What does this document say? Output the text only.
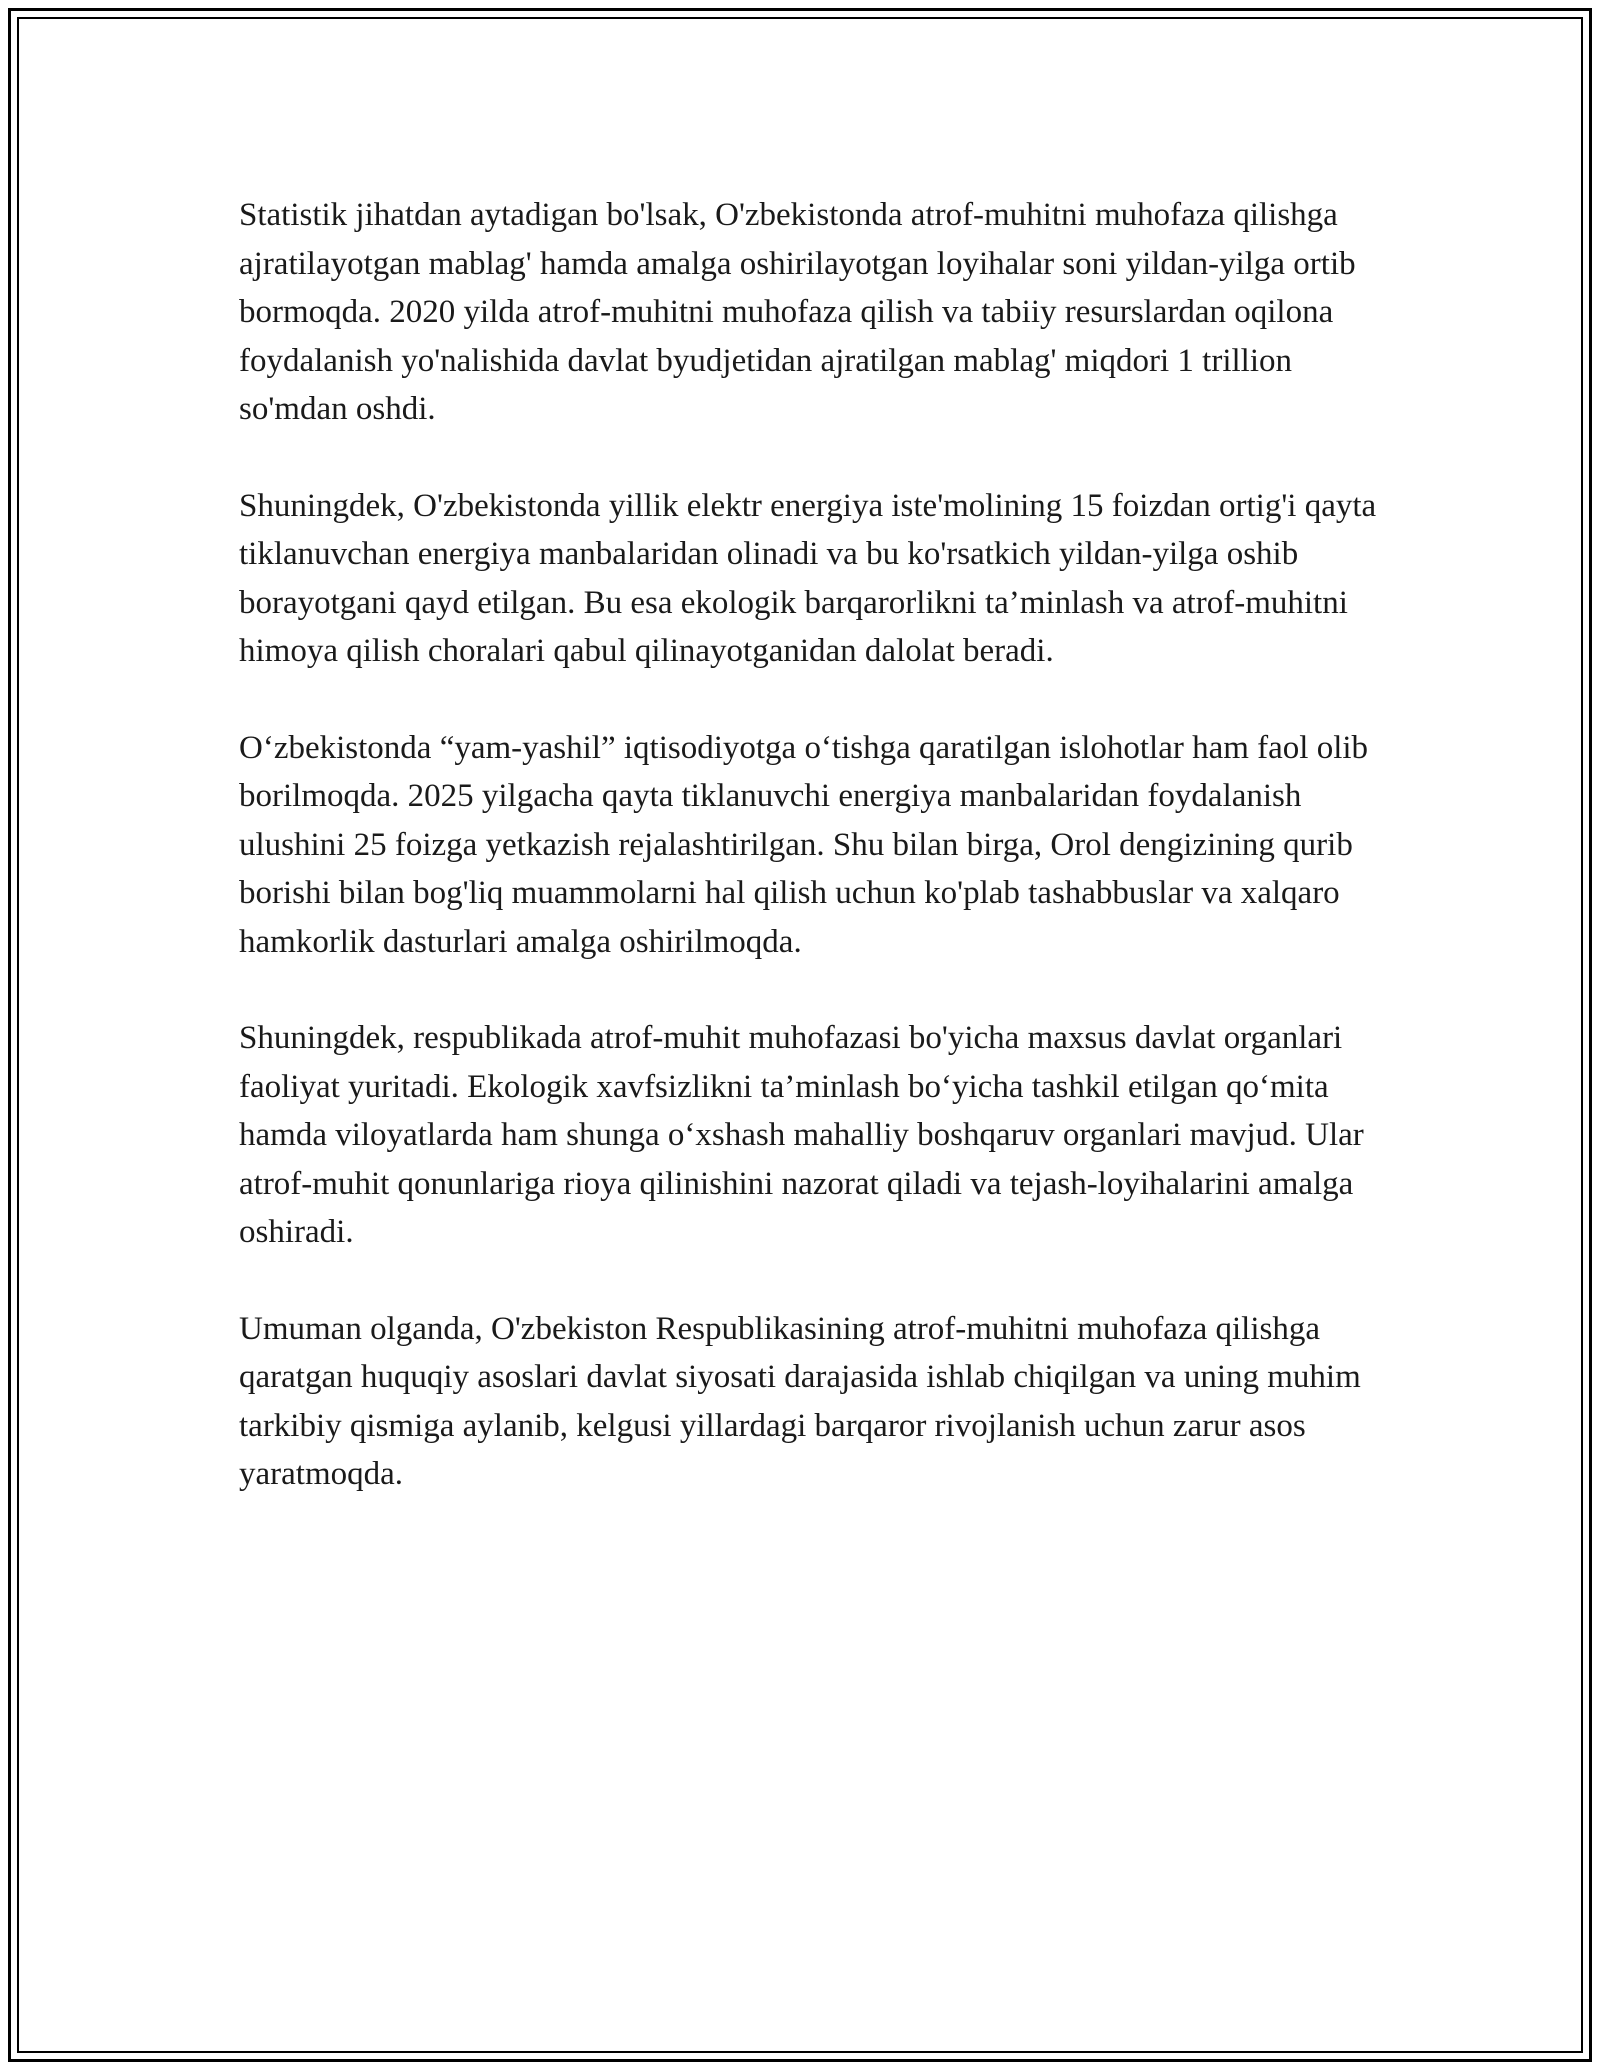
Statistik jihatdan aytadigan bo'lsak, O'zbekistonda atrof-muhitni muhofaza qilishga ajratilayotgan mablag' hamda amalga oshirilayotgan loyihalar soni yildan-yilga ortib bormoqda. 2020 yilda atrof-muhitni muhofaza qilish va tabiiy resurslardan oqilona foydalanish yo'nalishida davlat byudjetidan ajratilgan mablag' miqdori 1 trillion so'mdan oshdi.

Shuningdek, O'zbekistonda yillik elektr energiya iste'molining 15 foizdan ortig'i qayta tiklanuvchan energiya manbalaridan olinadi va bu ko'rsatkich yildan-yilga oshib borayotgani qayd etilgan. Bu esa ekologik barqarorlikni ta’minlash va atrof-muhitni himoya qilish choralari qabul qilinayotganidan dalolat beradi.

O‘zbekistonda “yam-yashil” iqtisodiyotga o‘tishga qaratilgan islohotlar ham faol olib borilmoqda. 2025 yilgacha qayta tiklanuvchi energiya manbalaridan foydalanish ulushini 25 foizga yetkazish rejalashtirilgan. Shu bilan birga, Orol dengizining qurib borishi bilan bog'liq muammolarni hal qilish uchun ko'plab tashabbuslar va xalqaro hamkorlik dasturlari amalga oshirilmoqda.

Shuningdek, respublikada atrof-muhit muhofazasi bo'yicha maxsus davlat organlari faoliyat yuritadi. Ekologik xavfsizlikni ta’minlash bo‘yicha tashkil etilgan qo‘mita hamda viloyatlarda ham shunga o‘xshash mahalliy boshqaruv organlari mavjud. Ular atrof-muhit qonunlariga rioya qilinishini nazorat qiladi va tejash-loyihalarini amalga oshiradi.

Umuman olganda, O'zbekiston Respublikasining atrof-muhitni muhofaza qilishga qaratgan huquqiy asoslari davlat siyosati darajasida ishlab chiqilgan va uning muhim tarkibiy qismiga aylanib, kelgusi yillardagi barqaror rivojlanish uchun zarur asos yaratmoqda.
